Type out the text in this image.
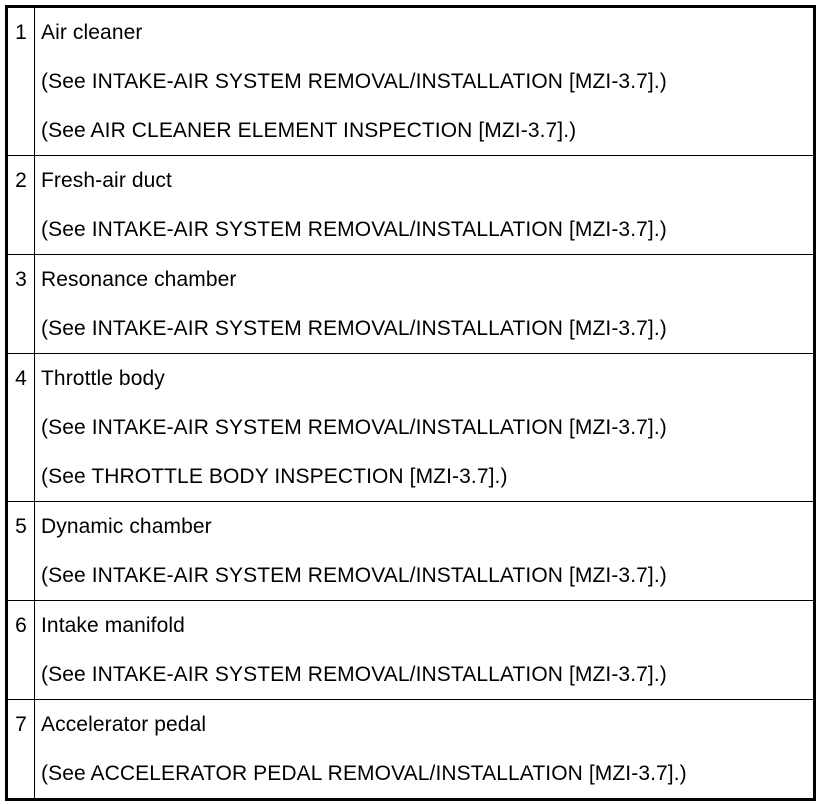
1	Air cleaner
(See INTAKE-AIR SYSTEM REMOVAL/INSTALLATION [MZI-3.7].)
(See AIR CLEANER ELEMENT INSPECTION [MZI-3.7].)

2	Fresh-air duct
(See INTAKE-AIR SYSTEM REMOVAL/INSTALLATION [MZI-3.7].)

3	Resonance chamber
(See INTAKE-AIR SYSTEM REMOVAL/INSTALLATION [MZI-3.7].)

4	Throttle body
(See INTAKE-AIR SYSTEM REMOVAL/INSTALLATION [MZI-3.7].)
(See THROTTLE BODY INSPECTION [MZI-3.7].)

5	Dynamic chamber
(See INTAKE-AIR SYSTEM REMOVAL/INSTALLATION [MZI-3.7].)

6	Intake manifold
(See INTAKE-AIR SYSTEM REMOVAL/INSTALLATION [MZI-3.7].)

7	Accelerator pedal
(See ACCELERATOR PEDAL REMOVAL/INSTALLATION [MZI-3.7].)
